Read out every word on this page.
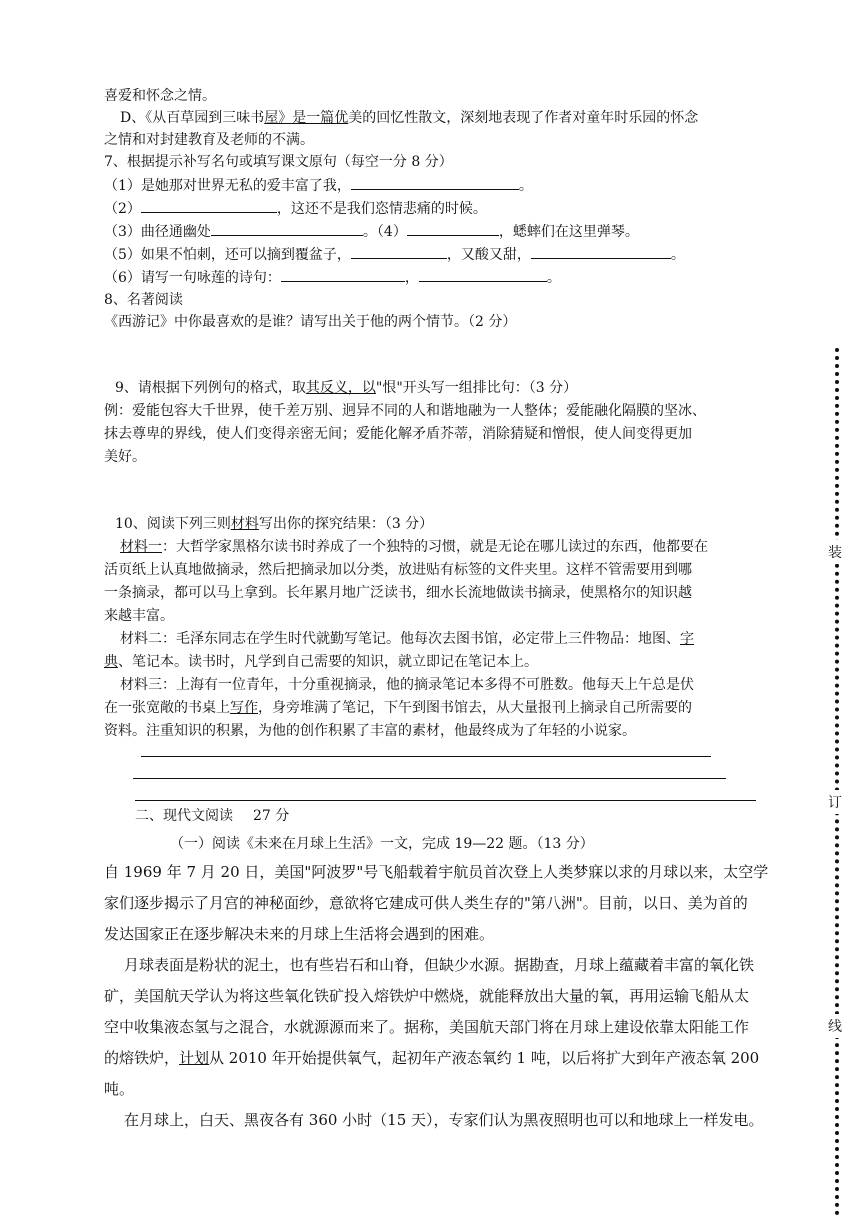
喜爱和怀念之情。
D、《从百草园到三味书屋》是一篇优美的回忆性散文，深刻地表现了作者对童年时乐园的怀念
之情和对封建教育及老师的不满。
7、根据提示补写名句或填写课文原句（每空一分 8 分）
（1）是她那对世界无私的爱丰富了我，	。
（2）	，这还不是我们恣情悲痛的时候。
（3）曲径通幽处	。（4）	，蟋蟀们在这里弹琴。
（5）如果不怕刺，还可以摘到覆盆子，	，又酸又甜，	。
（6）请写一句咏莲的诗句：	，	。
8、名著阅读
《西游记》中你最喜欢的是谁？请写出关于他的两个情节。（2 分）
9、请根据下列例句的格式，取其反义，以"恨"开头写一组排比句：（3 分）
例：爱能包容大千世界，使千差万别、迥异不同的人和谐地融为一人整体；爱能融化隔膜的坚冰、
抹去尊卑的界线，使人们变得亲密无间；爱能化解矛盾芥蒂，消除猜疑和憎恨，使人间变得更加
美好。
10、阅读下列三则材料写出你的探究结果：（3 分）
材料一：大哲学家黑格尔读书时养成了一个独特的习惯，就是无论在哪儿读过的东西，他都要在
活页纸上认真地做摘录，然后把摘录加以分类，放进贴有标签的文件夹里。这样不管需要用到哪
一条摘录，都可以马上拿到。长年累月地广泛读书，细水长流地做读书摘录，使黑格尔的知识越
来越丰富。
材料二：毛泽东同志在学生时代就勤写笔记。他每次去图书馆，必定带上三件物品：地图、字
典、笔记本。读书时，凡学到自己需要的知识，就立即记在笔记本上。
材料三：上海有一位青年，十分重视摘录，他的摘录笔记本多得不可胜数。他每天上午总是伏
在一张宽敞的书桌上写作，身旁堆满了笔记，下午到图书馆去，从大量报刊上摘录自己所需要的
资料。注重知识的积累，为他的创作积累了丰富的素材，他最终成为了年轻的小说家。
二、现代文阅读 27 分
（一）阅读《未来在月球上生活》一文，完成 19—22 题。（13 分）
自 1969 年 7 月 20 日，美国"阿波罗"号飞船载着宇航员首次登上人类梦寐以求的月球以来，太空学
家们逐步揭示了月宫的神秘面纱，意欲将它建成可供人类生存的"第八洲"。目前，以日、美为首的
发达国家正在逐步解决未来的月球上生活将会遇到的困难。
月球表面是粉状的泥土，也有些岩石和山脊，但缺少水源。据勘查，月球上蕴藏着丰富的氧化铁
矿，美国航天学认为将这些氧化铁矿投入熔铁炉中燃烧，就能释放出大量的氧，再用运输飞船从太
空中收集液态氢与之混合，水就源源而来了。据称，美国航天部门将在月球上建设依靠太阳能工作
的熔铁炉，计划从 2010 年开始提供氧气，起初年产液态氧约 1 吨，以后将扩大到年产液态氧 200
吨。
在月球上，白天、黑夜各有 360 小时（15 天），专家们认为黑夜照明也可以和地球上一样发电。
装
订
线
